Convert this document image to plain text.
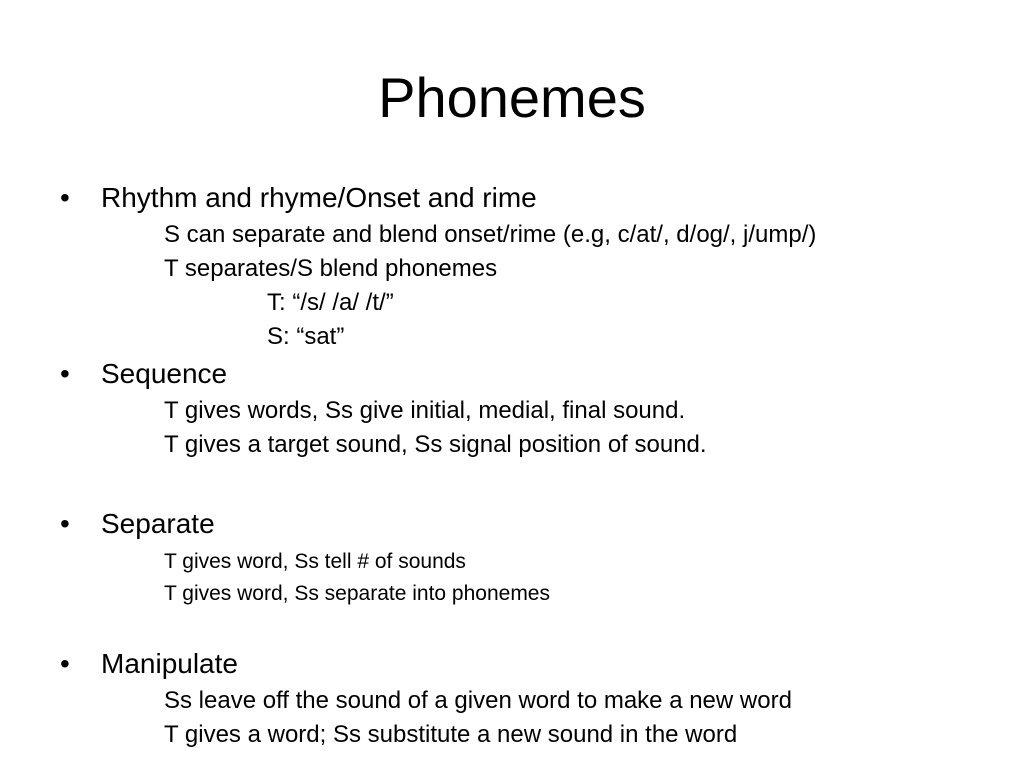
Phonemes
• Rhythm and rhyme/Onset and rime
S can separate and blend onset/rime (e.g, c/at/, d/og/, j/ump/)
T separates/S blend phonemes
T: “/s/ /a/ /t/”
S: “sat”
• Sequence
T gives words, Ss give initial, medial, final sound.
T gives a target sound, Ss signal position of sound.
• Separate
T gives word, Ss tell # of sounds
T gives word, Ss separate into phonemes
• Manipulate
Ss leave off the sound of a given word to make a new word
T gives a word; Ss substitute a new sound in the word
